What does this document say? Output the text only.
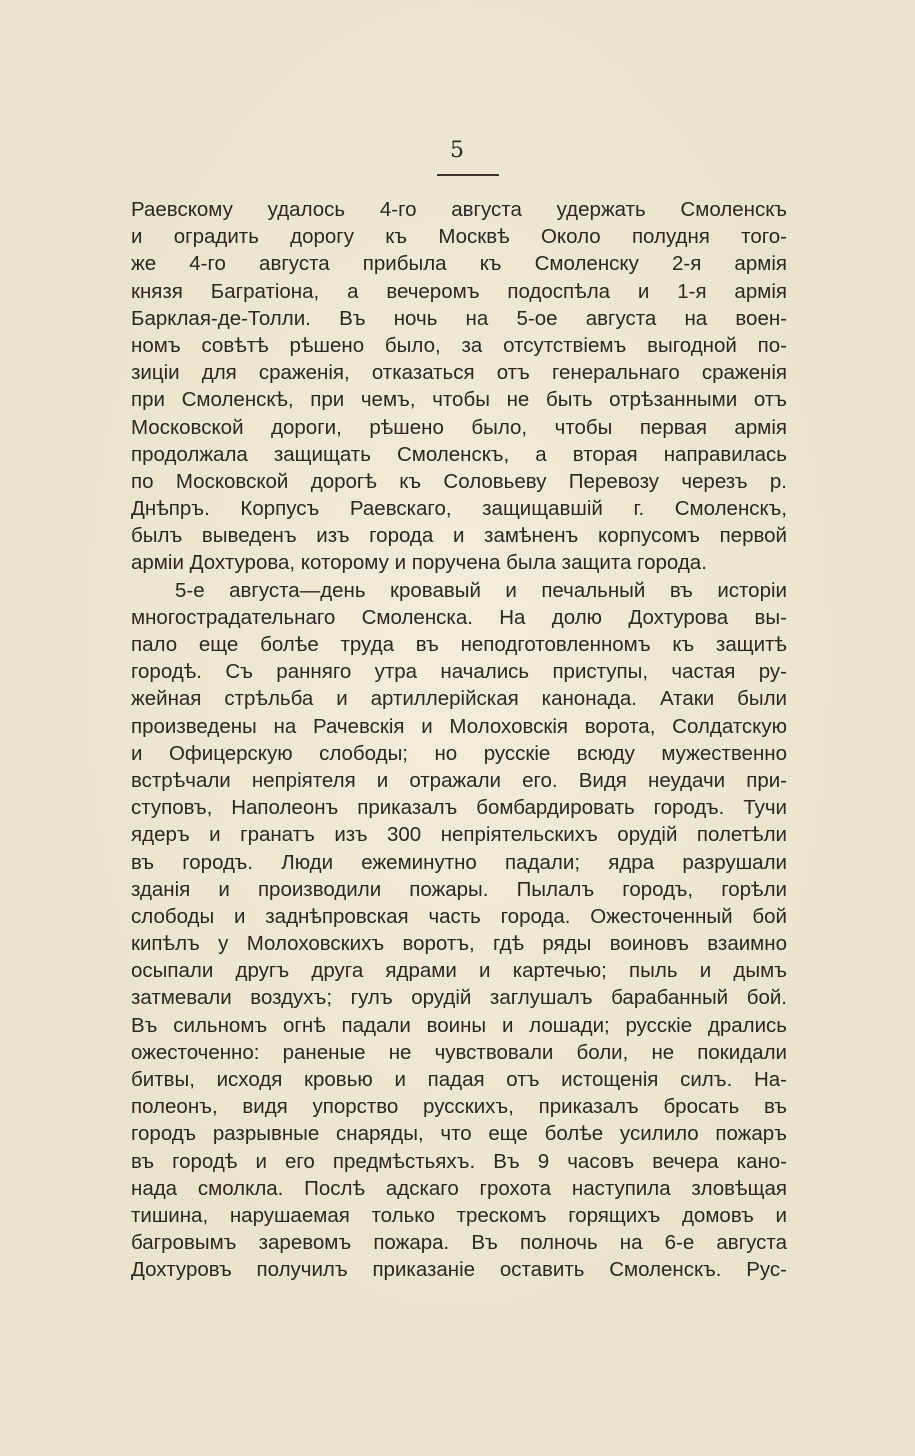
5
Раевскому удалось 4-го августа удержать Смоленскъ
и оградить дорогу къ Москвѣ Около полудня того-
же 4-го августа прибыла къ Смоленску 2-я армія
князя Багратіона, а вечеромъ подоспѣла и 1-я армія
Барклая-де-Толли. Въ ночь на 5-ое августа на воен-
номъ совѣтѣ рѣшено было, за отсутствіемъ выгодной по-
зиціи для сраженія, отказаться отъ генеральнаго сраженія
при Смоленскѣ, при чемъ, чтобы не быть отрѣзанными отъ
Московской дороги, рѣшено было, чтобы первая армія
продолжала защищать Смоленскъ, а вторая направилась
по Московской дорогѣ къ Соловьеву Перевозу черезъ р.
Днѣпръ. Корпусъ Раевскаго, защищавшій г. Смоленскъ,
былъ выведенъ изъ города и замѣненъ корпусомъ первой
арміи Дохтурова, которому и поручена была защита города.
5-е августа—день кровавый и печальный въ исторіи
многострадательнаго Смоленска. На долю Дохтурова вы-
пало еще болѣе труда въ неподготовленномъ къ защитѣ
городѣ. Съ ранняго утра начались приступы, частая ру-
жейная стрѣльба и артиллерійская канонада. Атаки были
произведены на Рачевскія и Молоховскія ворота, Солдатскую
и Офицерскую слободы; но русскіе всюду мужественно
встрѣчали непріятеля и отражали его. Видя неудачи при-
ступовъ, Наполеонъ приказалъ бомбардировать городъ. Тучи
ядеръ и гранатъ изъ 300 непріятельскихъ орудій полетѣли
въ городъ. Люди ежеминутно падали; ядра разрушали
зданія и производили пожары. Пылалъ городъ, горѣли
слободы и заднѣпровская часть города. Ожесточенный бой
кипѣлъ у Молоховскихъ воротъ, гдѣ ряды воиновъ взаимно
осыпали другъ друга ядрами и картечью; пыль и дымъ
затмевали воздухъ; гулъ орудій заглушалъ барабанный бой.
Въ сильномъ огнѣ падали воины и лошади; русскіе дрались
ожесточенно: раненые не чувствовали боли, не покидали
битвы, исходя кровью и падая отъ истощенія силъ. На-
полеонъ, видя упорство русскихъ, приказалъ бросать въ
городъ разрывные снаряды, что еще болѣе усилило пожаръ
въ городѣ и его предмѣстьяхъ. Въ 9 часовъ вечера кано-
нада смолкла. Послѣ адскаго грохота наступила зловѣщая
тишина, нарушаемая только трескомъ горящихъ домовъ и
багровымъ заревомъ пожара. Въ полночь на 6-е августа
Дохтуровъ получилъ приказаніе оставить Смоленскъ. Рус-
